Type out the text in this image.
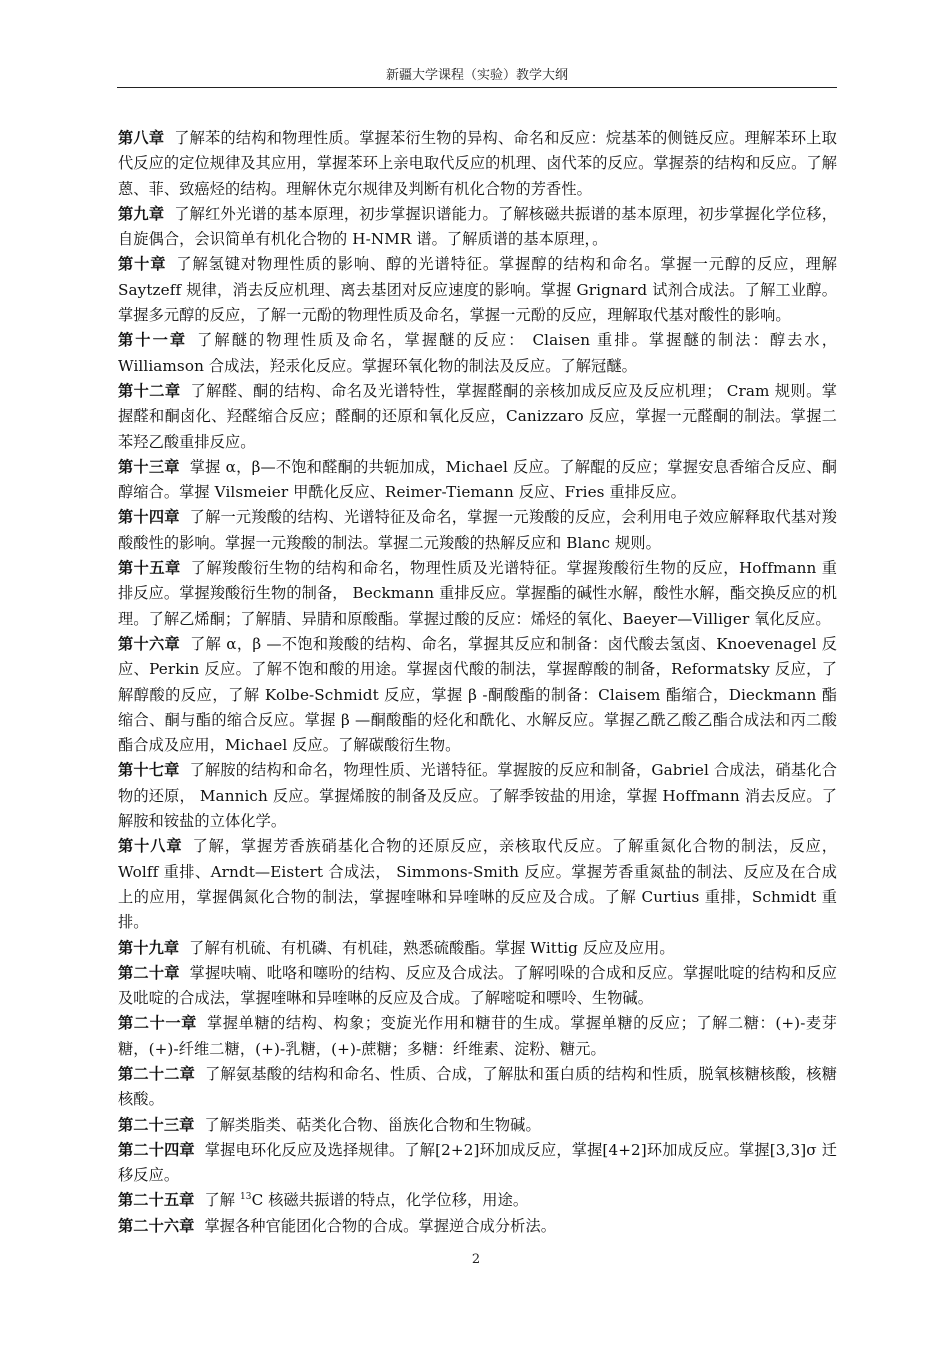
新疆大学课程（实验）教学大纲

第八章 了解苯的结构和物理性质。掌握苯衍生物的异构、命名和反应：烷基苯的侧链反应。理解苯环上取代反应的定位规律及其应用，掌握苯环上亲电取代反应的机理、卤代苯的反应。掌握萘的结构和反应。了解蒽、菲、致癌烃的结构。理解休克尔规律及判断有机化合物的芳香性。

第九章 了解红外光谱的基本原理，初步掌握识谱能力。了解核磁共振谱的基本原理，初步掌握化学位移，自旋偶合，会识简单有机化合物的 H-NMR 谱。了解质谱的基本原理，。

第十章 了解氢键对物理性质的影响、醇的光谱特征。掌握醇的结构和命名。掌握一元醇的反应，理解 Saytzeff 规律，消去反应机理、离去基团对反应速度的影响。掌握 Grignard 试剂合成法。了解工业醇。掌握多元醇的反应，了解一元酚的物理性质及命名，掌握一元酚的反应，理解取代基对酸性的影响。

第十一章 了解醚的物理性质及命名，掌握醚的反应： Claisen 重排。掌握醚的制法：醇去水，Williamson 合成法，羟汞化反应。掌握环氧化物的制法及反应。了解冠醚。

第十二章 了解醛、酮的结构、命名及光谱特性，掌握醛酮的亲核加成反应及反应机理； Cram 规则。掌握醛和酮卤化、羟醛缩合反应；醛酮的还原和氧化反应，Canizzaro 反应，掌握一元醛酮的制法。掌握二苯羟乙酸重排反应。

第十三章 掌握 α，β—不饱和醛酮的共轭加成，Michael 反应。了解醌的反应；掌握安息香缩合反应、酮醇缩合。掌握 Vilsmeier 甲酰化反应、Reimer-Tiemann 反应、Fries 重排反应。

第十四章 了解一元羧酸的结构、光谱特征及命名，掌握一元羧酸的反应，会利用电子效应解释取代基对羧酸酸性的影响。掌握一元羧酸的制法。掌握二元羧酸的热解反应和 Blanc 规则。

第十五章 了解羧酸衍生物的结构和命名，物理性质及光谱特征。掌握羧酸衍生物的反应，Hoffmann 重排反应。掌握羧酸衍生物的制备， Beckmann 重排反应。掌握酯的碱性水解，酸性水解，酯交换反应的机理。了解乙烯酮；了解腈、异腈和原酸酯。掌握过酸的反应：烯烃的氧化、Baeyer—Villiger 氧化反应。

第十六章 了解 α，β —不饱和羧酸的结构、命名，掌握其反应和制备：卤代酸去氢卤、Knoevenagel 反应、Perkin 反应。了解不饱和酸的用途。掌握卤代酸的制法，掌握醇酸的制备，Reformatsky 反应，了解醇酸的反应，了解 Kolbe-Schmidt 反应，掌握 β -酮酸酯的制备：Claisem 酯缩合，Dieckmann 酯缩合、酮与酯的缩合反应。掌握 β —酮酸酯的烃化和酰化、水解反应。掌握乙酰乙酸乙酯合成法和丙二酸酯合成及应用，Michael 反应。了解碳酸衍生物。

第十七章 了解胺的结构和命名，物理性质、光谱特征。掌握胺的反应和制备，Gabriel 合成法，硝基化合物的还原， Mannich 反应。掌握烯胺的制备及反应。了解季铵盐的用途，掌握 Hoffmann 消去反应。了解胺和铵盐的立体化学。

第十八章 了解，掌握芳香族硝基化合物的还原反应，亲核取代反应。了解重氮化合物的制法，反应，Wolff 重排、Arndt—Eistert 合成法， Simmons-Smith 反应。掌握芳香重氮盐的制法、反应及在合成上的应用，掌握偶氮化合物的制法，掌握喹啉和异喹啉的反应及合成。了解 Curtius 重排，Schmidt 重排。

第十九章 了解有机硫、有机磷、有机硅，熟悉硫酸酯。掌握 Wittig 反应及应用。

第二十章 掌握呋喃、吡咯和噻吩的结构、反应及合成法。了解吲哚的合成和反应。掌握吡啶的结构和反应及吡啶的合成法，掌握喹啉和异喹啉的反应及合成。了解嘧啶和嘌呤、生物碱。

第二十一章 掌握单糖的结构、构象；变旋光作用和糖苷的生成。掌握单糖的反应；了解二糖：(+)-麦芽糖，(+)-纤维二糖，(+)-乳糖，(+)-蔗糖；多糖：纤维素、淀粉、糖元。

第二十二章 了解氨基酸的结构和命名、性质、合成，了解肽和蛋白质的结构和性质，脱氧核糖核酸，核糖核酸。

第二十三章 了解类脂类、萜类化合物、甾族化合物和生物碱。

第二十四章 掌握电环化反应及选择规律。了解[2+2]环加成反应，掌握[4+2]环加成反应。掌握[3,3]σ 迁移反应。

第二十五章 了解 $^{13}$C 核磁共振谱的特点，化学位移，用途。

第二十六章 掌握各种官能团化合物的合成。掌握逆合成分析法。

2
